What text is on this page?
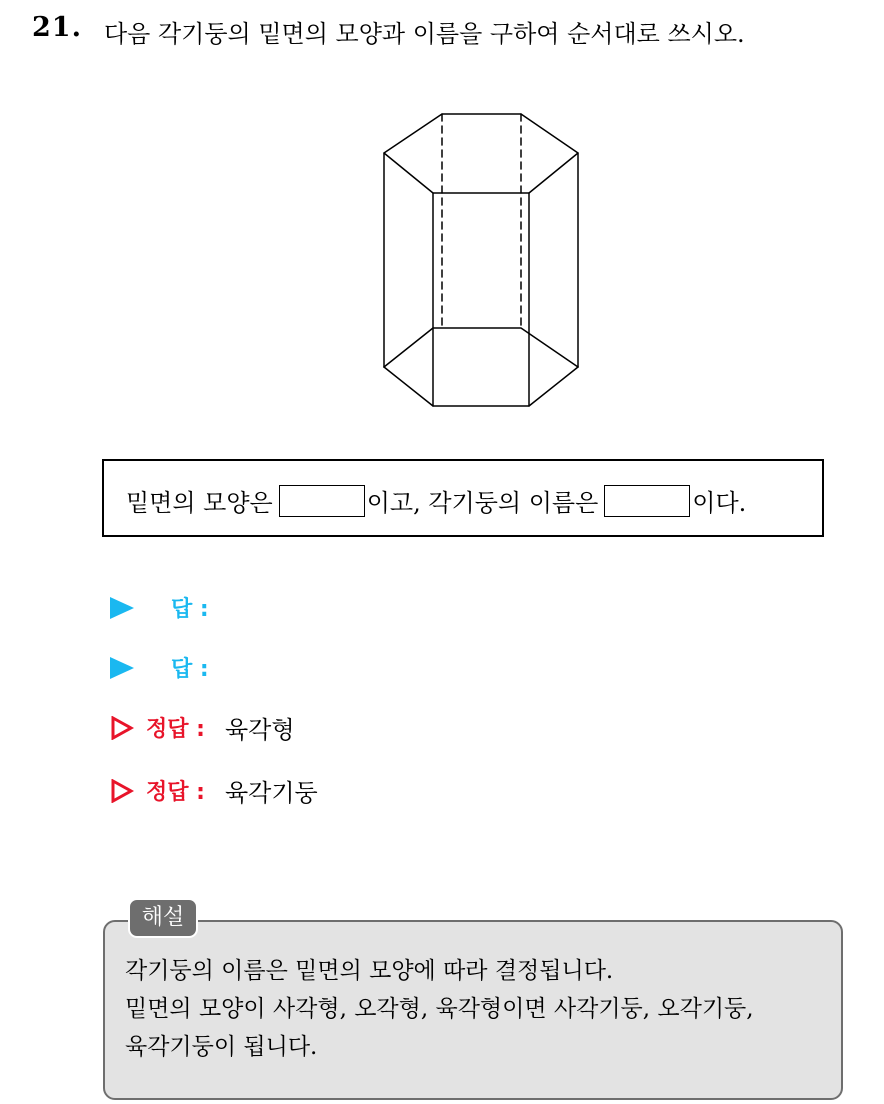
21. 다음 각기둥의 밑면의 모양과 이름을 구하여 순서대로 쓰시오.
밑면의 모양은	이고, 각기둥의 이름은	이다.
답 :
답 :
정답 : 육각형
정답 : 육각기둥
각기둥의 이름은 밑면의 모양에 따라 결정됩니다.
밑면의 모양이 사각형, 오각형, 육각형이면 사각기둥, 오각기둥,
육각기둥이 됩니다.
해설
